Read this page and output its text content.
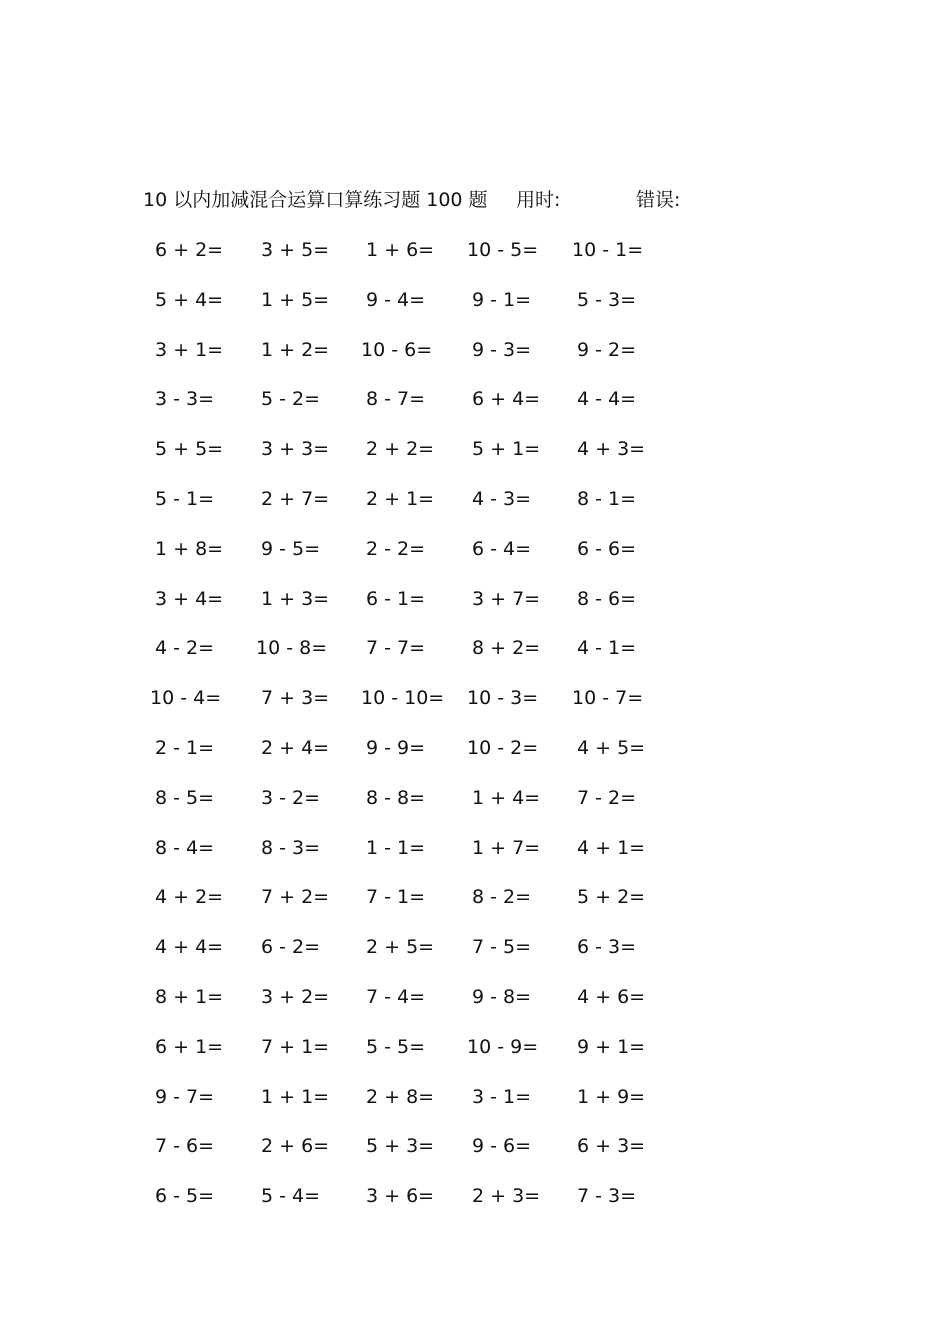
10 以内加减混合运算口算练习题 100 题 用时:	错误:
6 + 2=	3 + 5=	1 + 6=	10 - 5=	10 - 1=
5 + 4=	1 + 5=	9 - 4=	9 - 1=	5 - 3=
3 + 1=	1 + 2=	10 - 6=	9 - 3=	9 - 2=
3 - 3=	5 - 2=	8 - 7=	6 + 4=	4 - 4=
5 + 5=	3 + 3=	2 + 2=	5 + 1=	4 + 3=
5 - 1=	2 + 7=	2 + 1=	4 - 3=	8 - 1=
1 + 8=	9 - 5=	2 - 2=	6 - 4=	6 - 6=
3 + 4=	1 + 3=	6 - 1=	3 + 7=	8 - 6=
4 - 2=	10 - 8=	7 - 7=	8 + 2=	4 - 1=
10 - 4=	7 + 3=	10 - 10=	10 - 3=	10 - 7=
2 - 1=	2 + 4=	9 - 9=	10 - 2=	4 + 5=
8 - 5=	3 - 2=	8 - 8=	1 + 4=	7 - 2=
8 - 4=	8 - 3=	1 - 1=	1 + 7=	4 + 1=
4 + 2=	7 + 2=	7 - 1=	8 - 2=	5 + 2=
4 + 4=	6 - 2=	2 + 5=	7 - 5=	6 - 3=
8 + 1=	3 + 2=	7 - 4=	9 - 8=	4 + 6=
6 + 1=	7 + 1=	5 - 5=	10 - 9=	9 + 1=
9 - 7=	1 + 1=	2 + 8=	3 - 1=	1 + 9=
7 - 6=	2 + 6=	5 + 3=	9 - 6=	6 + 3=
6 - 5=	5 - 4=	3 + 6=	2 + 3=	7 - 3=
